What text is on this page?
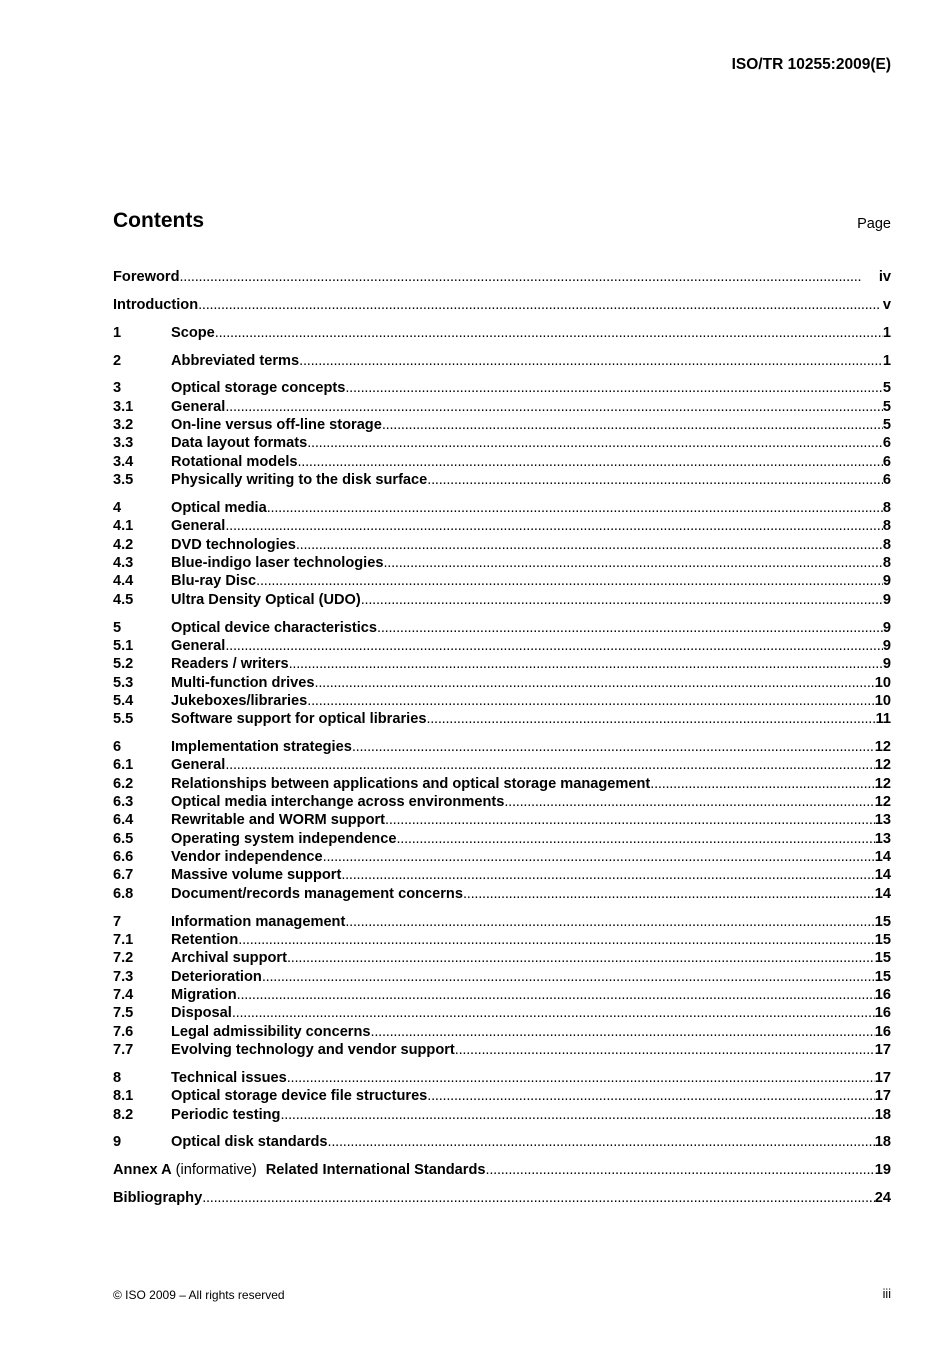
ISO/TR 10255:2009(E)
Contents	Page
Foreword . . .	iv
Introduction . . .	v
1	Scope . . .	1
2	Abbreviated terms . . .	1
3	Optical storage concepts . . .	5
3.1	General . . .	5
3.2	On-line versus off-line storage . . .	5
3.3	Data layout formats . . .	6
3.4	Rotational models . . .	6
3.5	Physically writing to the disk surface . . .	6
4	Optical media . . .	8
4.1	General . . .	8
4.2	DVD technologies . . .	8
4.3	Blue-indigo laser technologies . . .	8
4.4	Blu-ray Disc . . .	9
4.5	Ultra Density Optical (UDO) . . .	9
5	Optical device characteristics . . .	9
5.1	General . . .	9
5.2	Readers / writers . . .	9
5.3	Multi-function drives . . .	10
5.4	Jukeboxes/libraries . . .	10
5.5	Software support for optical libraries . . .	11
6	Implementation strategies . . .	12
6.1	General . . .	12
6.2	Relationships between applications and optical storage management . . .	12
6.3	Optical media interchange across environments . . .	12
6.4	Rewritable and WORM support . . .	13
6.5	Operating system independence . . .	13
6.6	Vendor independence . . .	14
6.7	Massive volume support . . .	14
6.8	Document/records management concerns . . .	14
7	Information management . . .	15
7.1	Retention . . .	15
7.2	Archival support . . .	15
7.3	Deterioration . . .	15
7.4	Migration . . .	16
7.5	Disposal . . .	16
7.6	Legal admissibility concerns . . .	16
7.7	Evolving technology and vendor support . . .	17
8	Technical issues . . .	17
8.1	Optical storage device file structures . . .	17
8.2	Periodic testing . . .	18
9	Optical disk standards . . .	18
Annex A (informative) Related International Standards . . .	19
Bibliography . . .	24
© ISO 2009 – All rights reserved	iii
